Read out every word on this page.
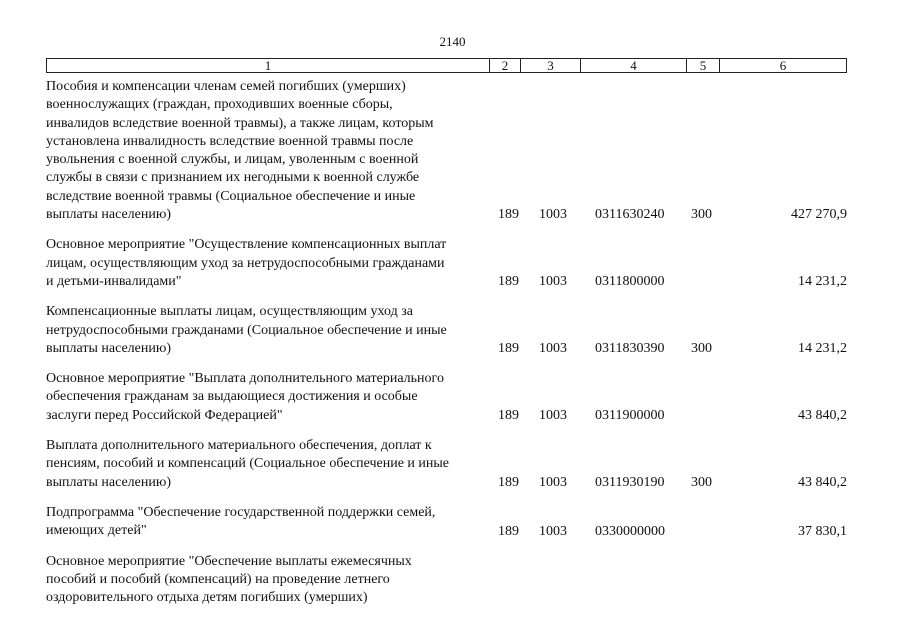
2140
1	2	3	4	5	6
Пособия и компенсации членам семей погибших (умерших)
военнослужащих (граждан, проходивших военные сборы,
инвалидов вследствие военной травмы), а также лицам, которым
установлена инвалидность вследствие военной травмы после
увольнения с военной службы, и лицам, уволенным с военной
службы в связи с признанием их негодными к военной службе
вследствие военной травмы (Социальное обеспечение и иные
выплаты населению)	189 1003 0311630240 300	427 270,9
Основное мероприятие "Осуществление компенсационных выплат
лицам, осуществляющим уход за нетрудоспособными гражданами
и детьми-инвалидами"	189 1003 0311800000	14 231,2
Компенсационные выплаты лицам, осуществляющим уход за
нетрудоспособными гражданами (Социальное обеспечение и иные
выплаты населению)	189 1003 0311830390 300	14 231,2
Основное мероприятие "Выплата дополнительного материального
обеспечения гражданам за выдающиеся достижения и особые
заслуги перед Российской Федерацией"	189 1003 0311900000	43 840,2
Выплата дополнительного материального обеспечения, доплат к
пенсиям, пособий и компенсаций (Социальное обеспечение и иные
выплаты населению)	189 1003 0311930190 300	43 840,2
Подпрограмма "Обеспечение государственной поддержки семей,
имеющих детей"	189 1003 0330000000	37 830,1
Основное мероприятие "Обеспечение выплаты ежемесячных
пособий и пособий (компенсаций) на проведение летнего
оздоровительного отдыха детям погибших (умерших)
